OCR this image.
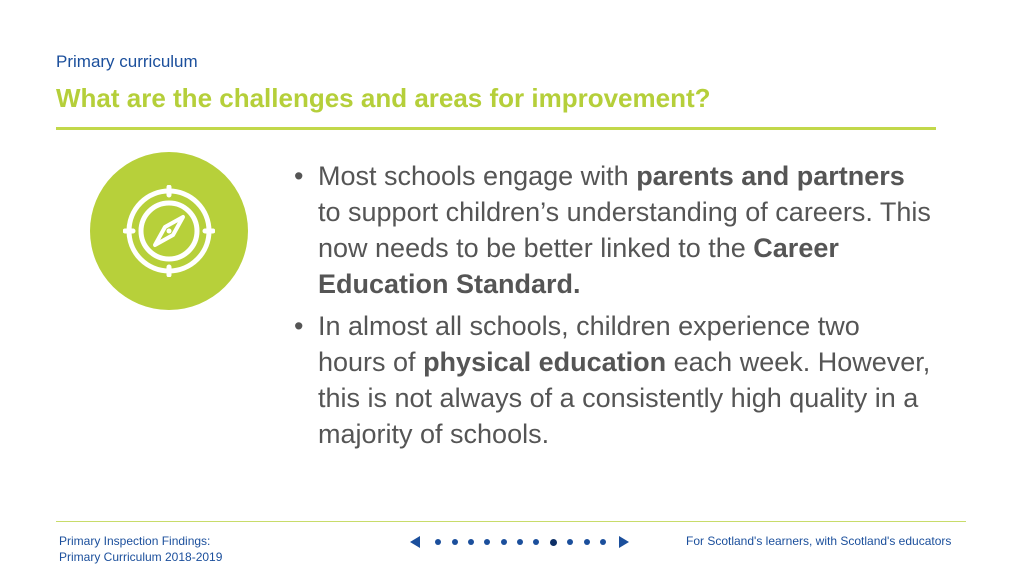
Primary curriculum
What are the challenges and areas for improvement?
• Most schools engage with parents and partners to support children’s understanding of careers. This now needs to be better linked to the Career Education Standard.
• In almost all schools, children experience two hours of physical education each week. However, this is not always of a consistently high quality in a majority of schools.
Primary Inspection Findings:
Primary Curriculum 2018-2019
For Scotland's learners, with Scotland's educators
